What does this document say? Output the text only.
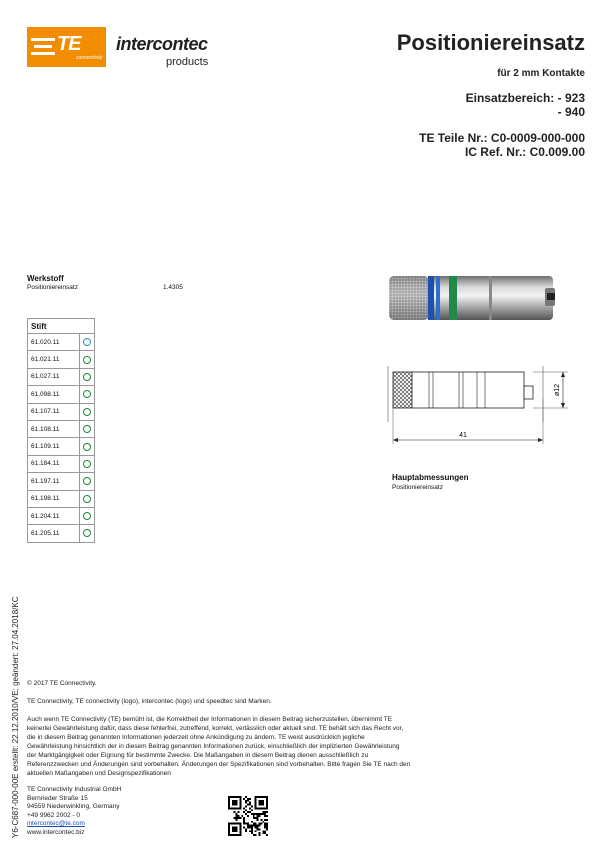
TE
connectivity
intercontec
products
Positioniereinsatz
für 2 mm Kontakte
Einsatzbereich: - 923
- 940
TE Teile Nr.: C0-0009-000-000
IC Ref. Nr.: C0.009.00
Werkstoff
Positioniereinsatz	1.4305
Stift	
61.020.11	
61.021.11	
61.027.11	
61.098.11	
61.107.11	
61.108.11	
61.109.11	
61.184.11	
61.197.11	
61.198.11	
61.204.11	
61.205.11	
41
ø12
Hauptabmessungen
Positioniereinsatz
Y6-C687-000-00E erstellt: 22.12.2010/VE; geändert: 27.04.2018/KC © 2017 TE Connectivity.
TE Connectivity, TE connectivity (logo), intercontec (logo) und speedtec sind Marken.
Auch wenn TE Connectivity (TE) bemüht ist, die Korrektheit der Informationen in diesem Beitrag sicherzustellen, übernimmt TE
keinerlei Gewährleistung dafür, dass diese fehlerfrei, zutreffend, korrekt, verlässlich oder aktuell sind. TE behält sich das Recht vor,
die in diesem Beitrag genannten Informationen jederzeit ohne Ankündigung zu ändern. TE weist ausdrücklich jegliche
Gewährleistung hinsichtlich der in diesem Beitrag genannten Informationen zurück, einschließlich der implizierten Gewährleistung
der Marktgängigkeit oder Eignung für bestimmte Zwecke. Die Maßangaben in diesem Beitrag dienen ausschließlich zu
Referenzzwecken und Änderungen sind vorbehalten. Änderungen der Spezifikationen sind vorbehalten. Bitte fragen Sie TE nach den
aktuellen Maßangaben und Designspezifikationen
TE Connectivity Industrial GmbH
Bernrieder Straße 15
94559 Niederwinkling, Germany
+49 9962 2002 - 0
intercontec@te.com
www.intercontec.biz
